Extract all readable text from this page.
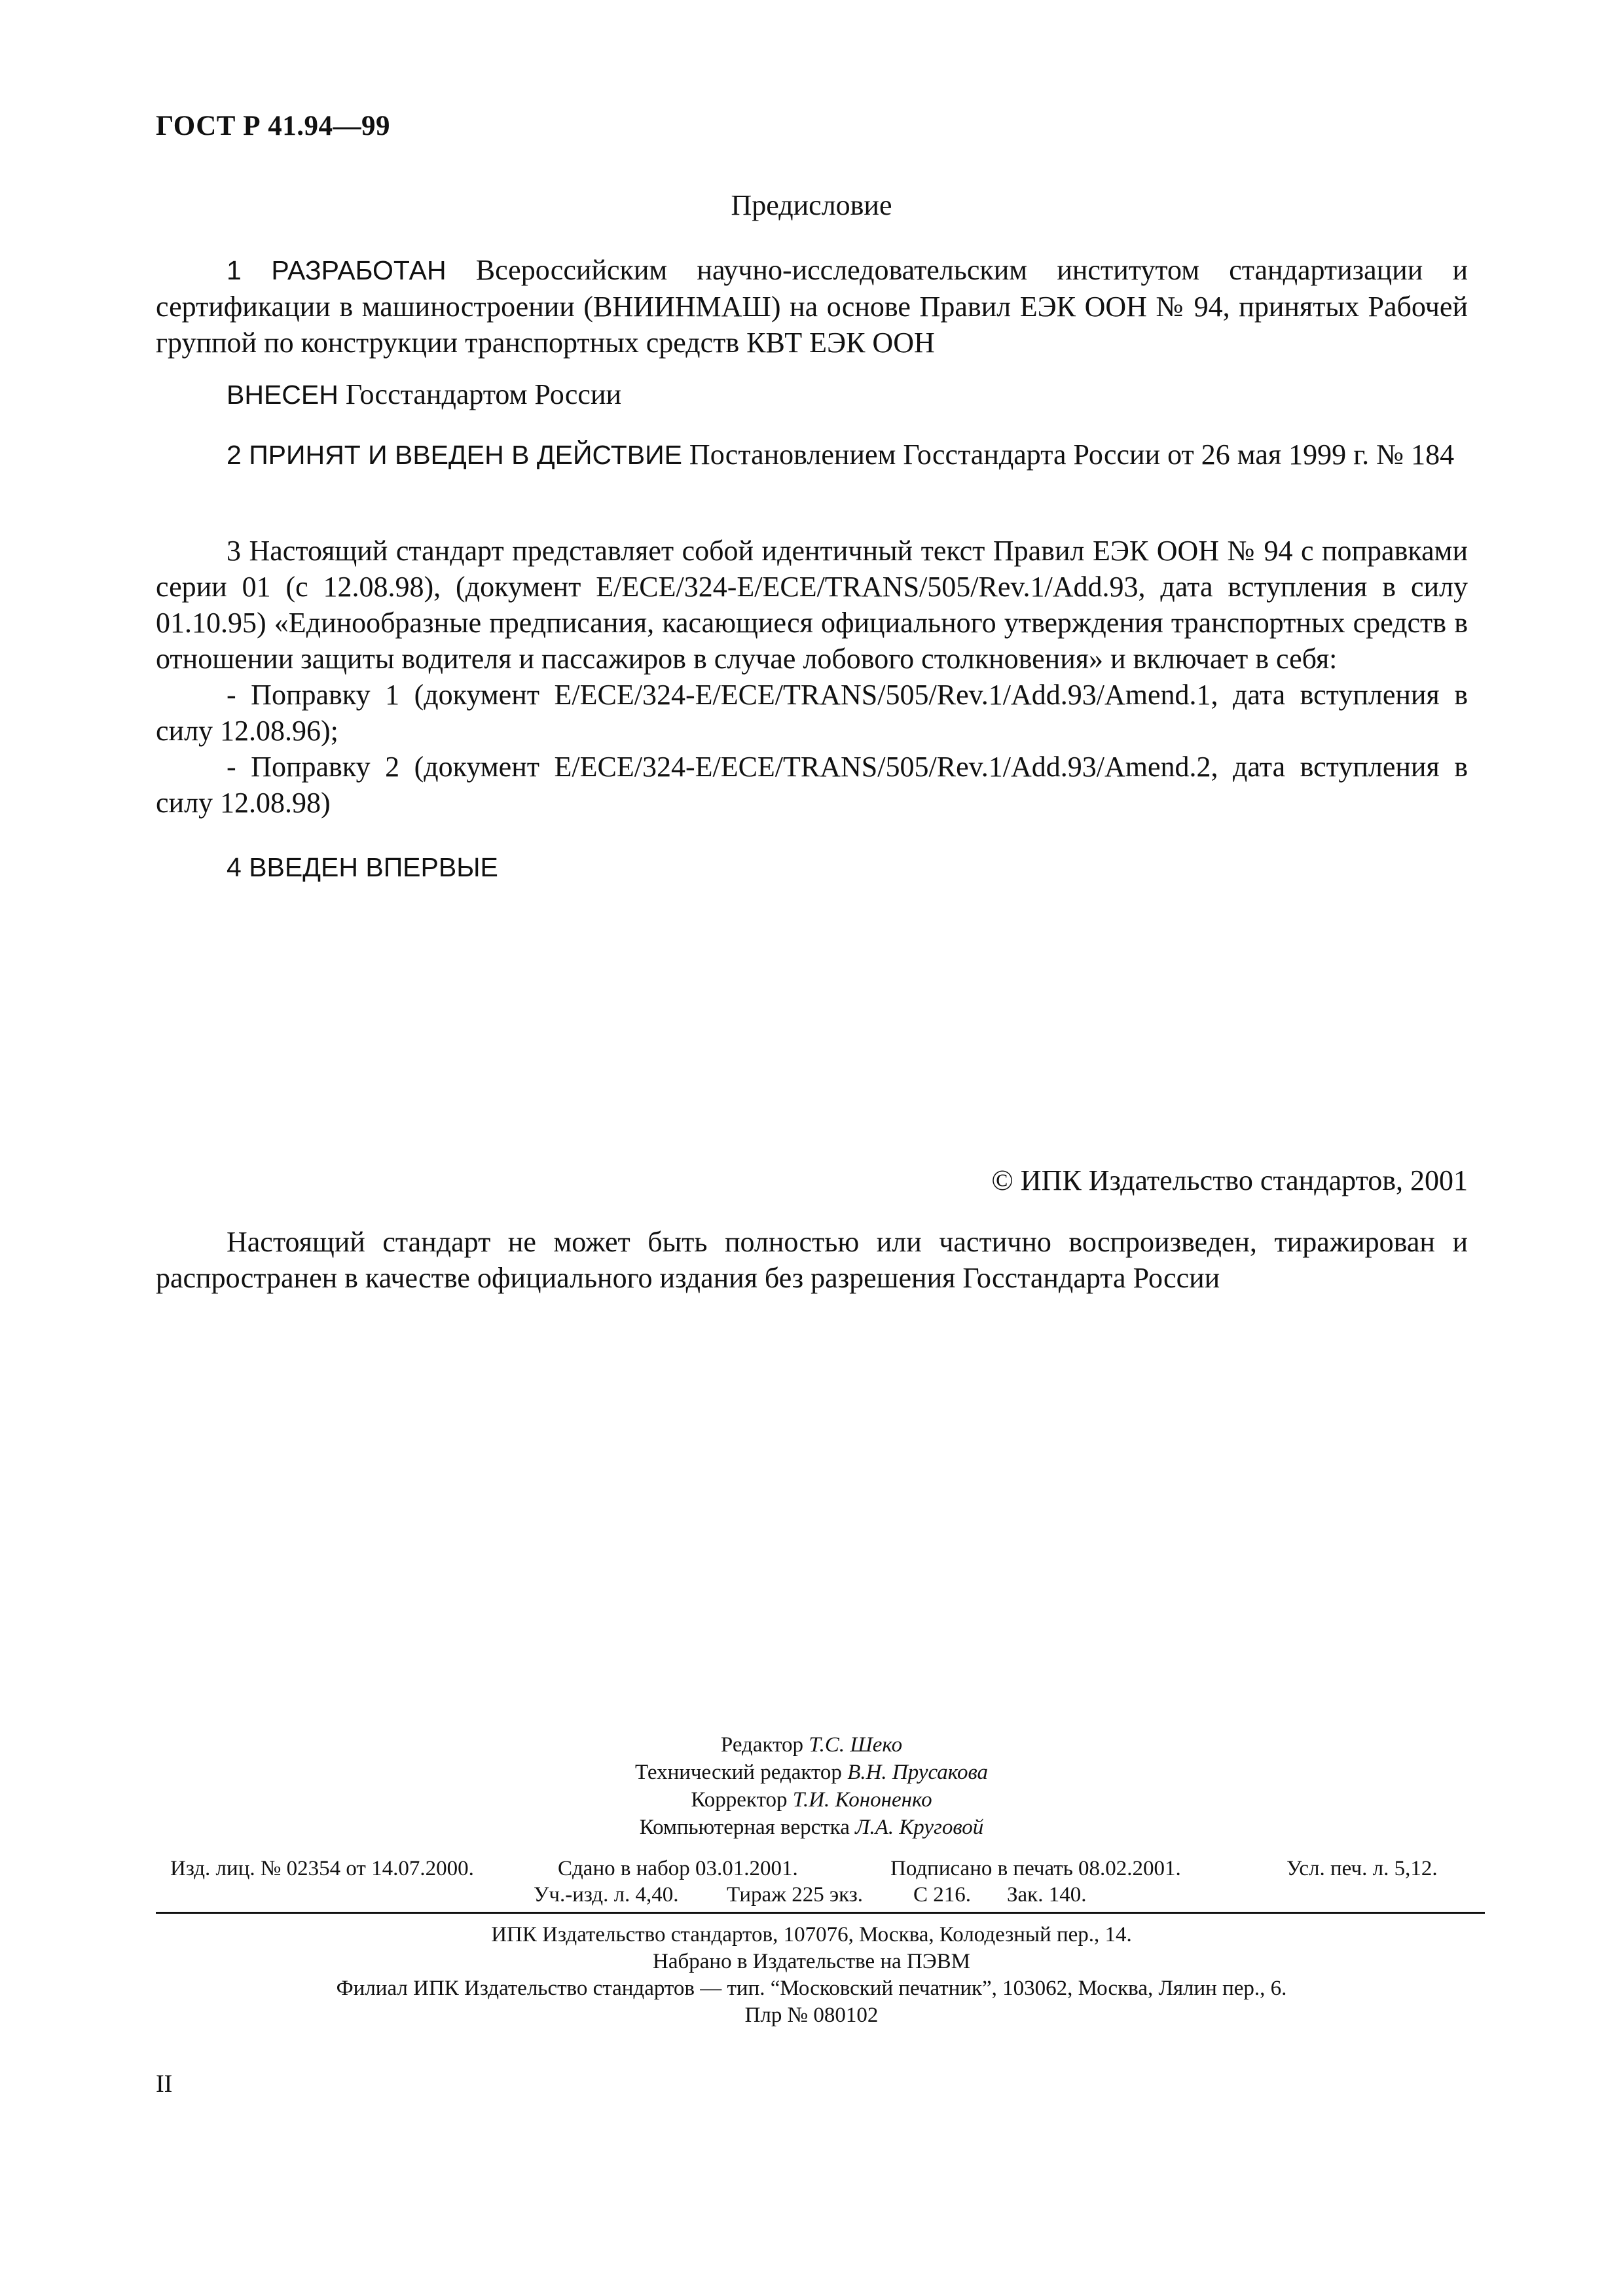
ГОСТ Р 41.94—99
Предисловие

1 РАЗРАБОТАН Всероссийским научно-исследовательским институтом стандартизации и сертификации в машиностроении (ВНИИНМАШ) на основе Правил ЕЭК ООН № 94, принятых Рабочей группой по конструкции транспортных средств КВТ ЕЭК ООН

ВНЕСЕН Госстандартом России

2 ПРИНЯТ И ВВЕДЕН В ДЕЙСТВИЕ Постановлением Госстандарта России от 26 мая 1999 г. № 184

3 Настоящий стандарт представляет собой идентичный текст Правил ЕЭК ООН № 94 с поправками серии 01 (с 12.08.98), (документ E/ECE/324-E/ECE/TRANS/505/Rev.1/Add.93, дата вступления в силу 01.10.95) «Единообразные предписания, касающиеся официального утверждения транспортных средств в отношении защиты водителя и пассажиров в случае лобового столкновения» и включает в себя:

- Поправку 1 (документ E/ECE/324-E/ECE/TRANS/505/Rev.1/Add.93/Amend.1, дата вступления в силу 12.08.96);

- Поправку 2 (документ E/ECE/324-E/ECE/TRANS/505/Rev.1/Add.93/Amend.2, дата вступления в силу 12.08.98)

4 ВВЕДЕН ВПЕРВЫЕ

© ИПК Издательство стандартов, 2001

Настоящий стандарт не может быть полностью или частично воспроизведен, тиражирован и распространен в качестве официального издания без разрешения Госстандарта России

Редактор Т.С. Шеко
Технический редактор В.Н. Прусакова
Корректор Т.И. Кононенко
Компьютерная верстка Л.А. Круговой
Изд. лиц. № 02354 от 14.07.2000.	Сдано в набор 03.01.2001.	Подписано в печать 08.02.2001.	Усл. печ. л. 5,12.
Уч.-изд. л. 4,40. Тираж 225 экз. С 216. Зак. 140.
ИПК Издательство стандартов, 107076, Москва, Колодезный пер., 14.
Набрано в Издательстве на ПЭВМ
Филиал ИПК Издательство стандартов — тип. “Московский печатник”, 103062, Москва, Лялин пер., 6.
Плр № 080102
II
